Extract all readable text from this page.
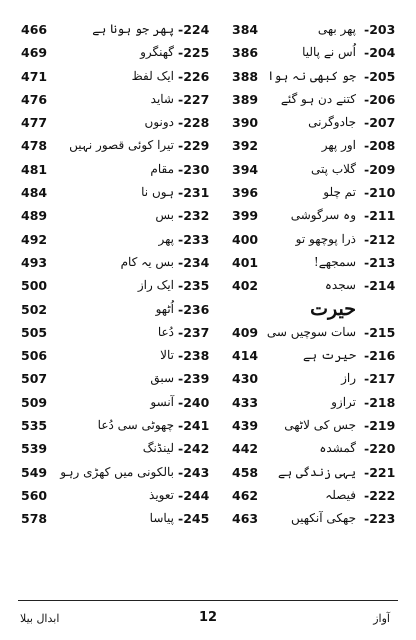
466	پھر جو ہونا ہے -224	384	پھر بھی -203
469	گھنگرو -225	386	اُس نے پالیا -204
471	ایک لفظ -226	388 جو کبھی نہ ہوا -205
476	شاید -227	389	کتنے دن ہو گئے -206
477	دونوں -228	390	جادوگرنی -207
478	تیرا کوئی قصور نہیں -229	392	اور پھر -208
481	مقام -230	394	گلاب پتی -209
484	ہوں نا -231	396	تم چلو -210
489	بس -232	399	وہ سرگوشی -211
492	پھر -233	400	ذرا پوچھو تو -212
493	بس یہ کام -234	401	سمجھے! -213
500	ایک راز -235	402	سجدہ -214
502	اُٹھو -236	حیرت
505	دُعا -237	409 سات سوچیں سی -215
506	تالا -238	414	حیرت ہے -216
507	سبق -239	430	راز -217
509	آنسو -240	433	ترازو -218
535	چھوٹی سی دُعا -241	439	جس کی لاٹھی -219
539	لینڈنگ -242	442	گمشدہ -220
549	بالکونی میں کھڑی رہو -243	458	یہی زندگی ہے -221
560	تعویذ -244	462	فیصلہ -222
578	پیاسا -245	463	جھکی آنکھیں -223
ابدال بیلا	12	آواز
